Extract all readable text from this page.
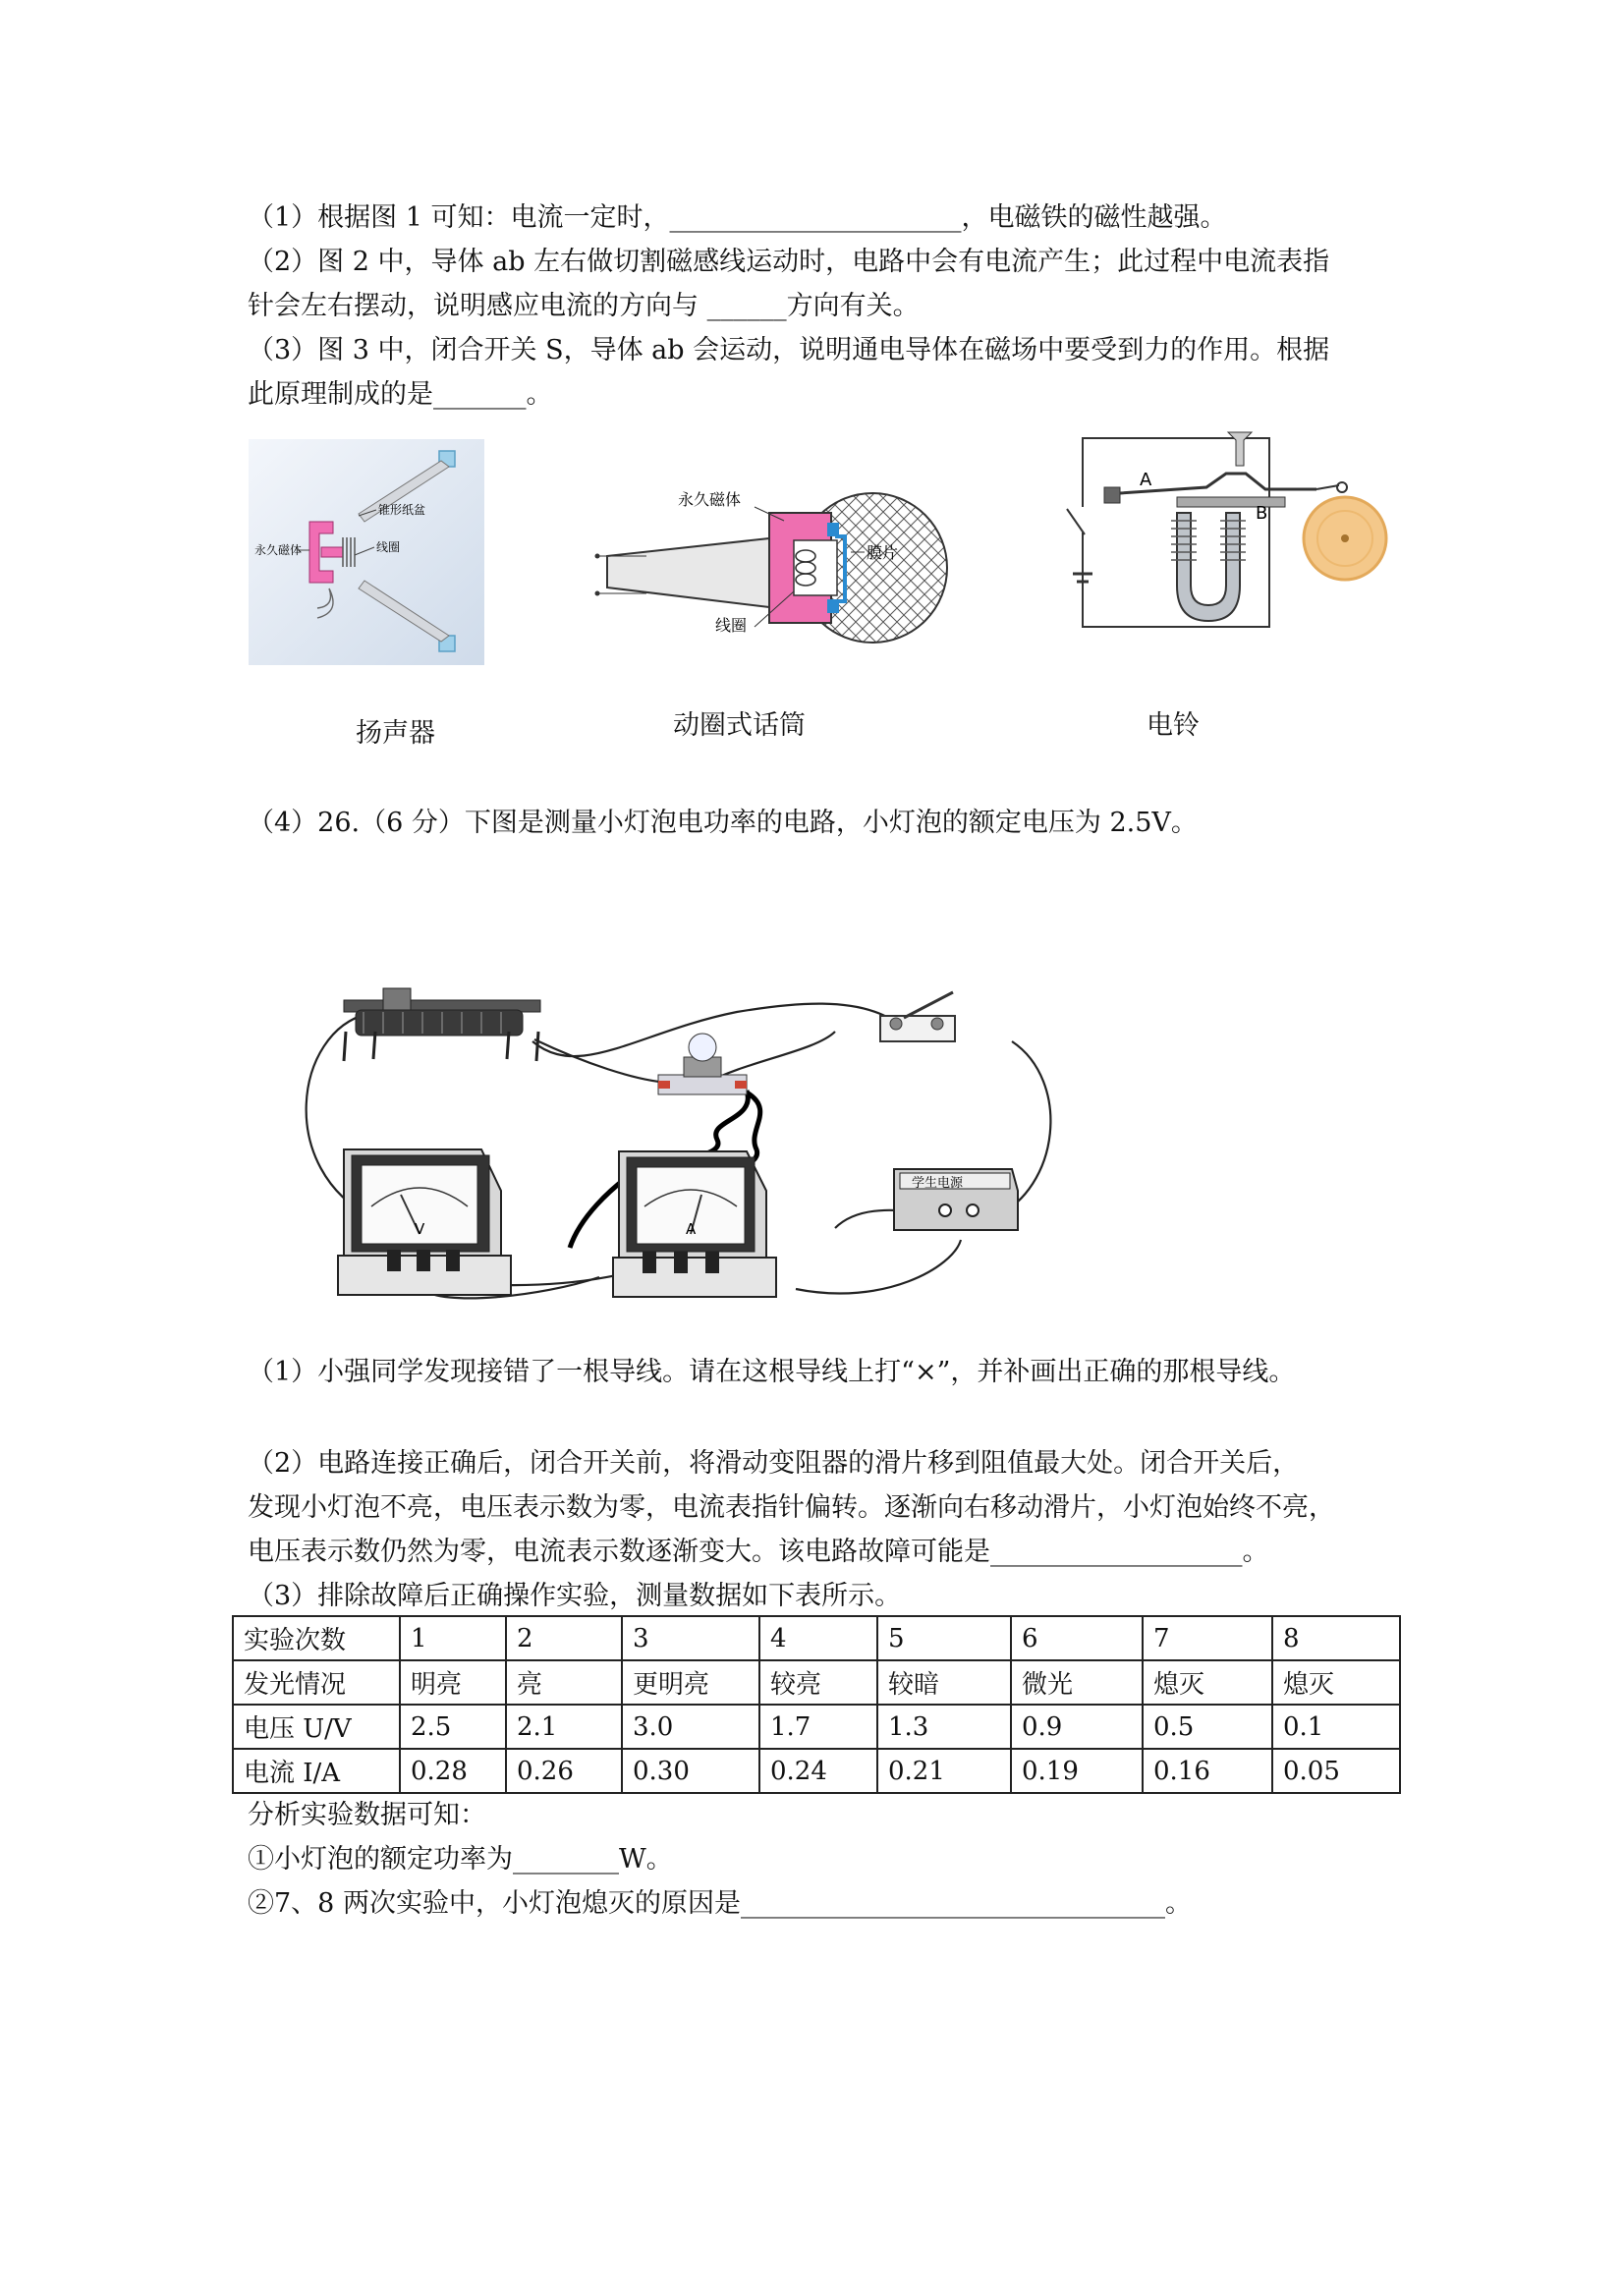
（1）根据图 1 可知：电流一定时，______________________，电磁铁的磁性越强。
（2）图 2 中，导体 ab 左右做切割磁感线运动时，电路中会有电流产生；此过程中电流表指
针会左右摆动，说明感应电流的方向与 ______方向有关。
（3）图 3 中，闭合开关 S，导体 ab 会运动，说明通电导体在磁场中要受到力的作用。根据
此原理制成的是_______。
永久磁体
锥形纸盆
线圈
扬声器
永久磁体
膜片
线圈
动圈式话筒
A
B
电铃
（4）26.（6 分）下图是测量小灯泡电功率的电路，小灯泡的额定电压为 2.5V。
V	A
学生电源
（1）小强同学发现接错了一根导线。请在这根导线上打“×”，并补画出正确的那根导线。
（2）电路连接正确后，闭合开关前，将滑动变阻器的滑片移到阻值最大处。闭合开关后，
发现小灯泡不亮，电压表示数为零，电流表指针偏转。逐渐向右移动滑片，小灯泡始终不亮，
电压表示数仍然为零，电流表示数逐渐变大。该电路故障可能是___________________。
（3）排除故障后正确操作实验，测量数据如下表所示。
实验次数	1	2	3	4	5	6	7	8
发光情况	明亮	亮	更明亮	较亮	较暗	微光	熄灭	熄灭
电压 U/V	2.5	2.1	3.0	1.7	1.3	0.9	0.5	0.1
电流 I/A	0.28	0.26	0.30	0.24	0.21	0.19	0.16	0.05
分析实验数据可知：
①小灯泡的额定功率为________W。
②7、8 两次实验中，小灯泡熄灭的原因是________________________________。
